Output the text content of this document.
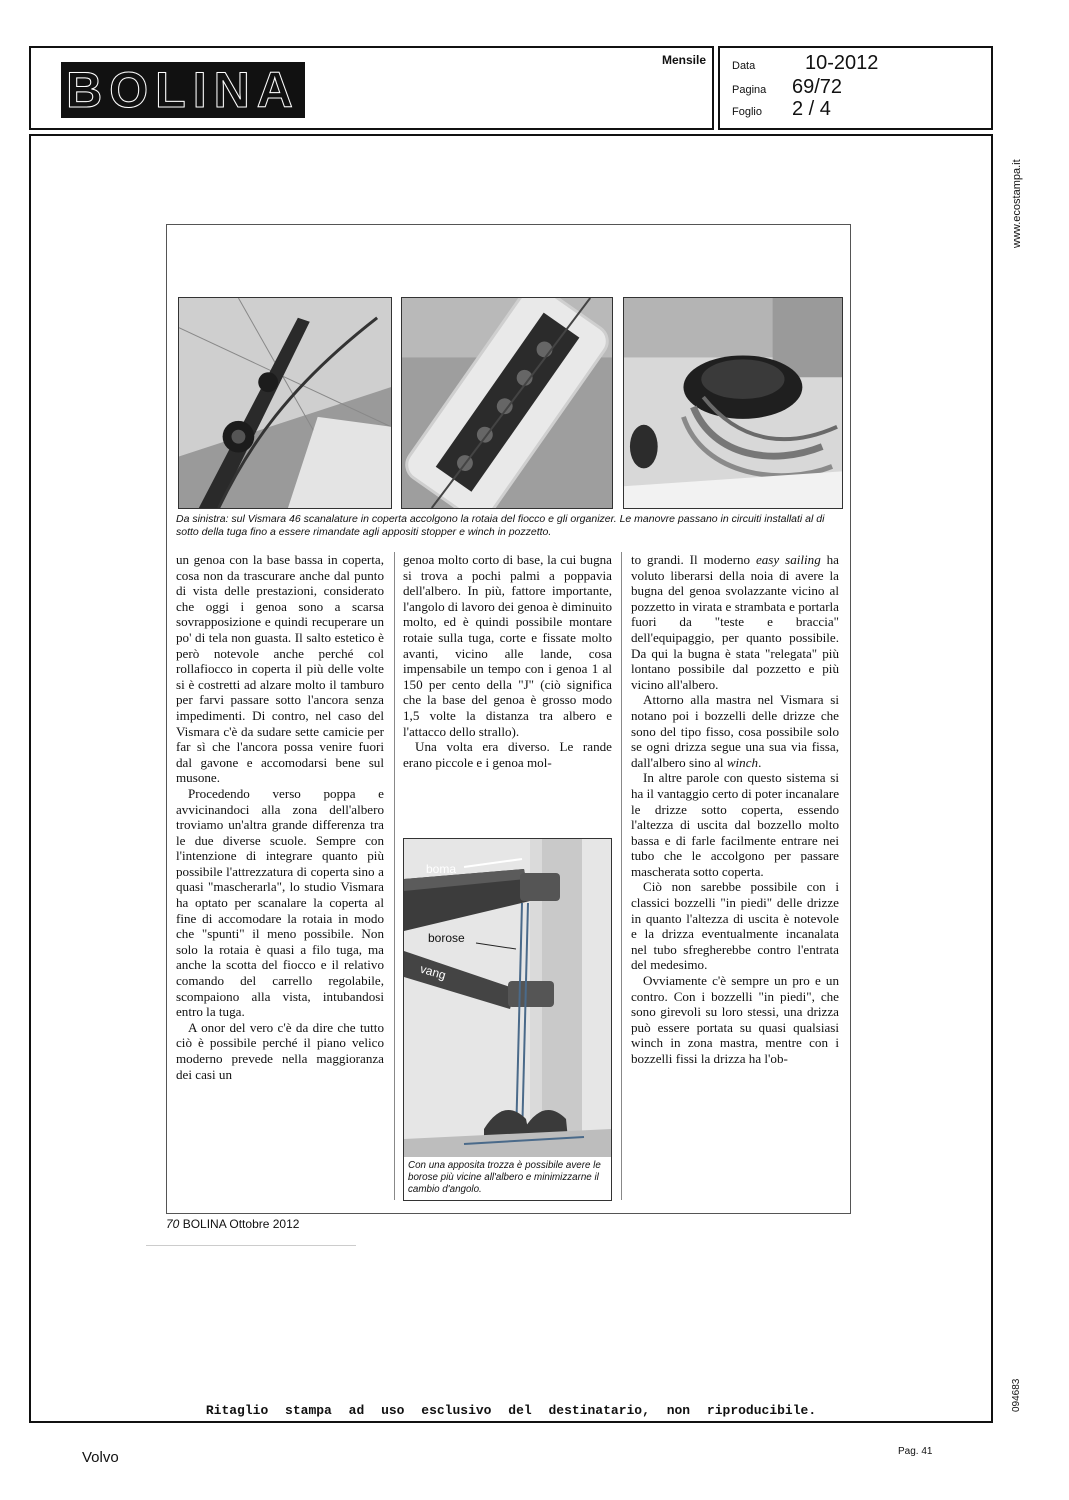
BOLINA
Mensile Data	10-2012
Pagina	69/72
Foglio	2 / 4
www.ecostampa.it
094683
Ritaglio stampa ad uso esclusivo del destinatario, non riproducibile.
Da sinistra: sul Vismara 46 scanalature in coperta accolgono la rotaia del fiocco e gli organizer. Le manovre passano in circuiti installati al di sotto della tuga fino a essere rimandate agli appositi stopper e winch in pozzetto.

un genoa con la base bassa in coperta, cosa non da trascurare anche dal punto di vista delle prestazioni, considerato che oggi i genoa sono a scarsa sovrapposizione e quindi recuperare un po' di tela non guasta. Il salto estetico è però notevole anche perché col rollafiocco in coperta il più delle volte si è costretti ad alzare molto il tamburo per farvi passare sotto l'ancora senza impedimenti. Di contro, nel caso del Vismara c'è da sudare sette camicie per far sì che l'ancora possa venire fuori dal gavone e accomodarsi bene sul musone.

Procedendo verso poppa e avvicinandoci alla zona dell'albero troviamo un'altra grande differenza tra le due diverse scuole. Sempre con l'intenzione di integrare quanto più possibile l'attrezzatura di coperta sino a quasi "mascherarla", lo studio Vismara ha optato per scanalare la coperta al fine di accomodare la rotaia in modo che "spunti" il meno possibile. Non solo la rotaia è quasi a filo tuga, ma anche la scotta del fiocco e il relativo comando del carrello regolabile, scompaiono alla vista, intubandosi entro la tuga.

A onor del vero c'è da dire che tutto ciò è possibile perché il piano velico moderno prevede nella maggioranza dei casi un

genoa molto corto di base, la cui bugna si trova a pochi palmi a poppavia dell'albero. In più, fattore importante, l'angolo di lavoro dei genoa è diminuito molto, ed è quindi possibile montare rotaie sulla tuga, corte e fissate molto avanti, vicino alle lande, cosa impensabile un tempo con i genoa 1 al 150 per cento della "J" (ciò significa che la base del genoa è grosso modo 1,5 volte la distanza tra albero e l'attacco dello strallo).

Una volta era diverso. Le rande erano piccole e i genoa mol-

boma
borose
vang
Con una apposita trozza è possibile avere le borose più vicine all'albero e minimizzarne il cambio d'angolo.

to grandi. Il moderno easy sailing ha voluto liberarsi della noia di avere la bugna del genoa svolazzante vicino al pozzetto in virata e strambata e portarla fuori da "teste e braccia" dell'equipaggio, per quanto possibile. Da qui la bugna è stata "relegata" più lontano possibile dal pozzetto e più vicino all'albero.

Attorno alla mastra nel Vismara si notano poi i bozzelli delle drizze che sono del tipo fisso, cosa possibile solo se ogni drizza segue una sua via fissa, dall'albero sino al winch.

In altre parole con questo sistema si ha il vantaggio certo di poter incanalare le drizze sotto coperta, essendo l'altezza di uscita dal bozzello molto bassa e di farle facilmente entrare nei tubo che le accolgono per passare mascherata sotto coperta.

Ciò non sarebbe possibile con i classici bozzelli "in piedi" delle drizze in quanto l'altezza di uscita è notevole e la drizza eventualmente incanalata nel tubo sfregherebbe contro l'entrata del medesimo.

Ovviamente c'è sempre un pro e un contro. Con i bozzelli "in piedi", che sono girevoli su loro stessi, una drizza può essere portata su quasi qualsiasi winch in zona mastra, mentre con i bozzelli fissi la drizza ha l'ob-

70 BOLINA Ottobre 2012
Volvo	Pag. 41
